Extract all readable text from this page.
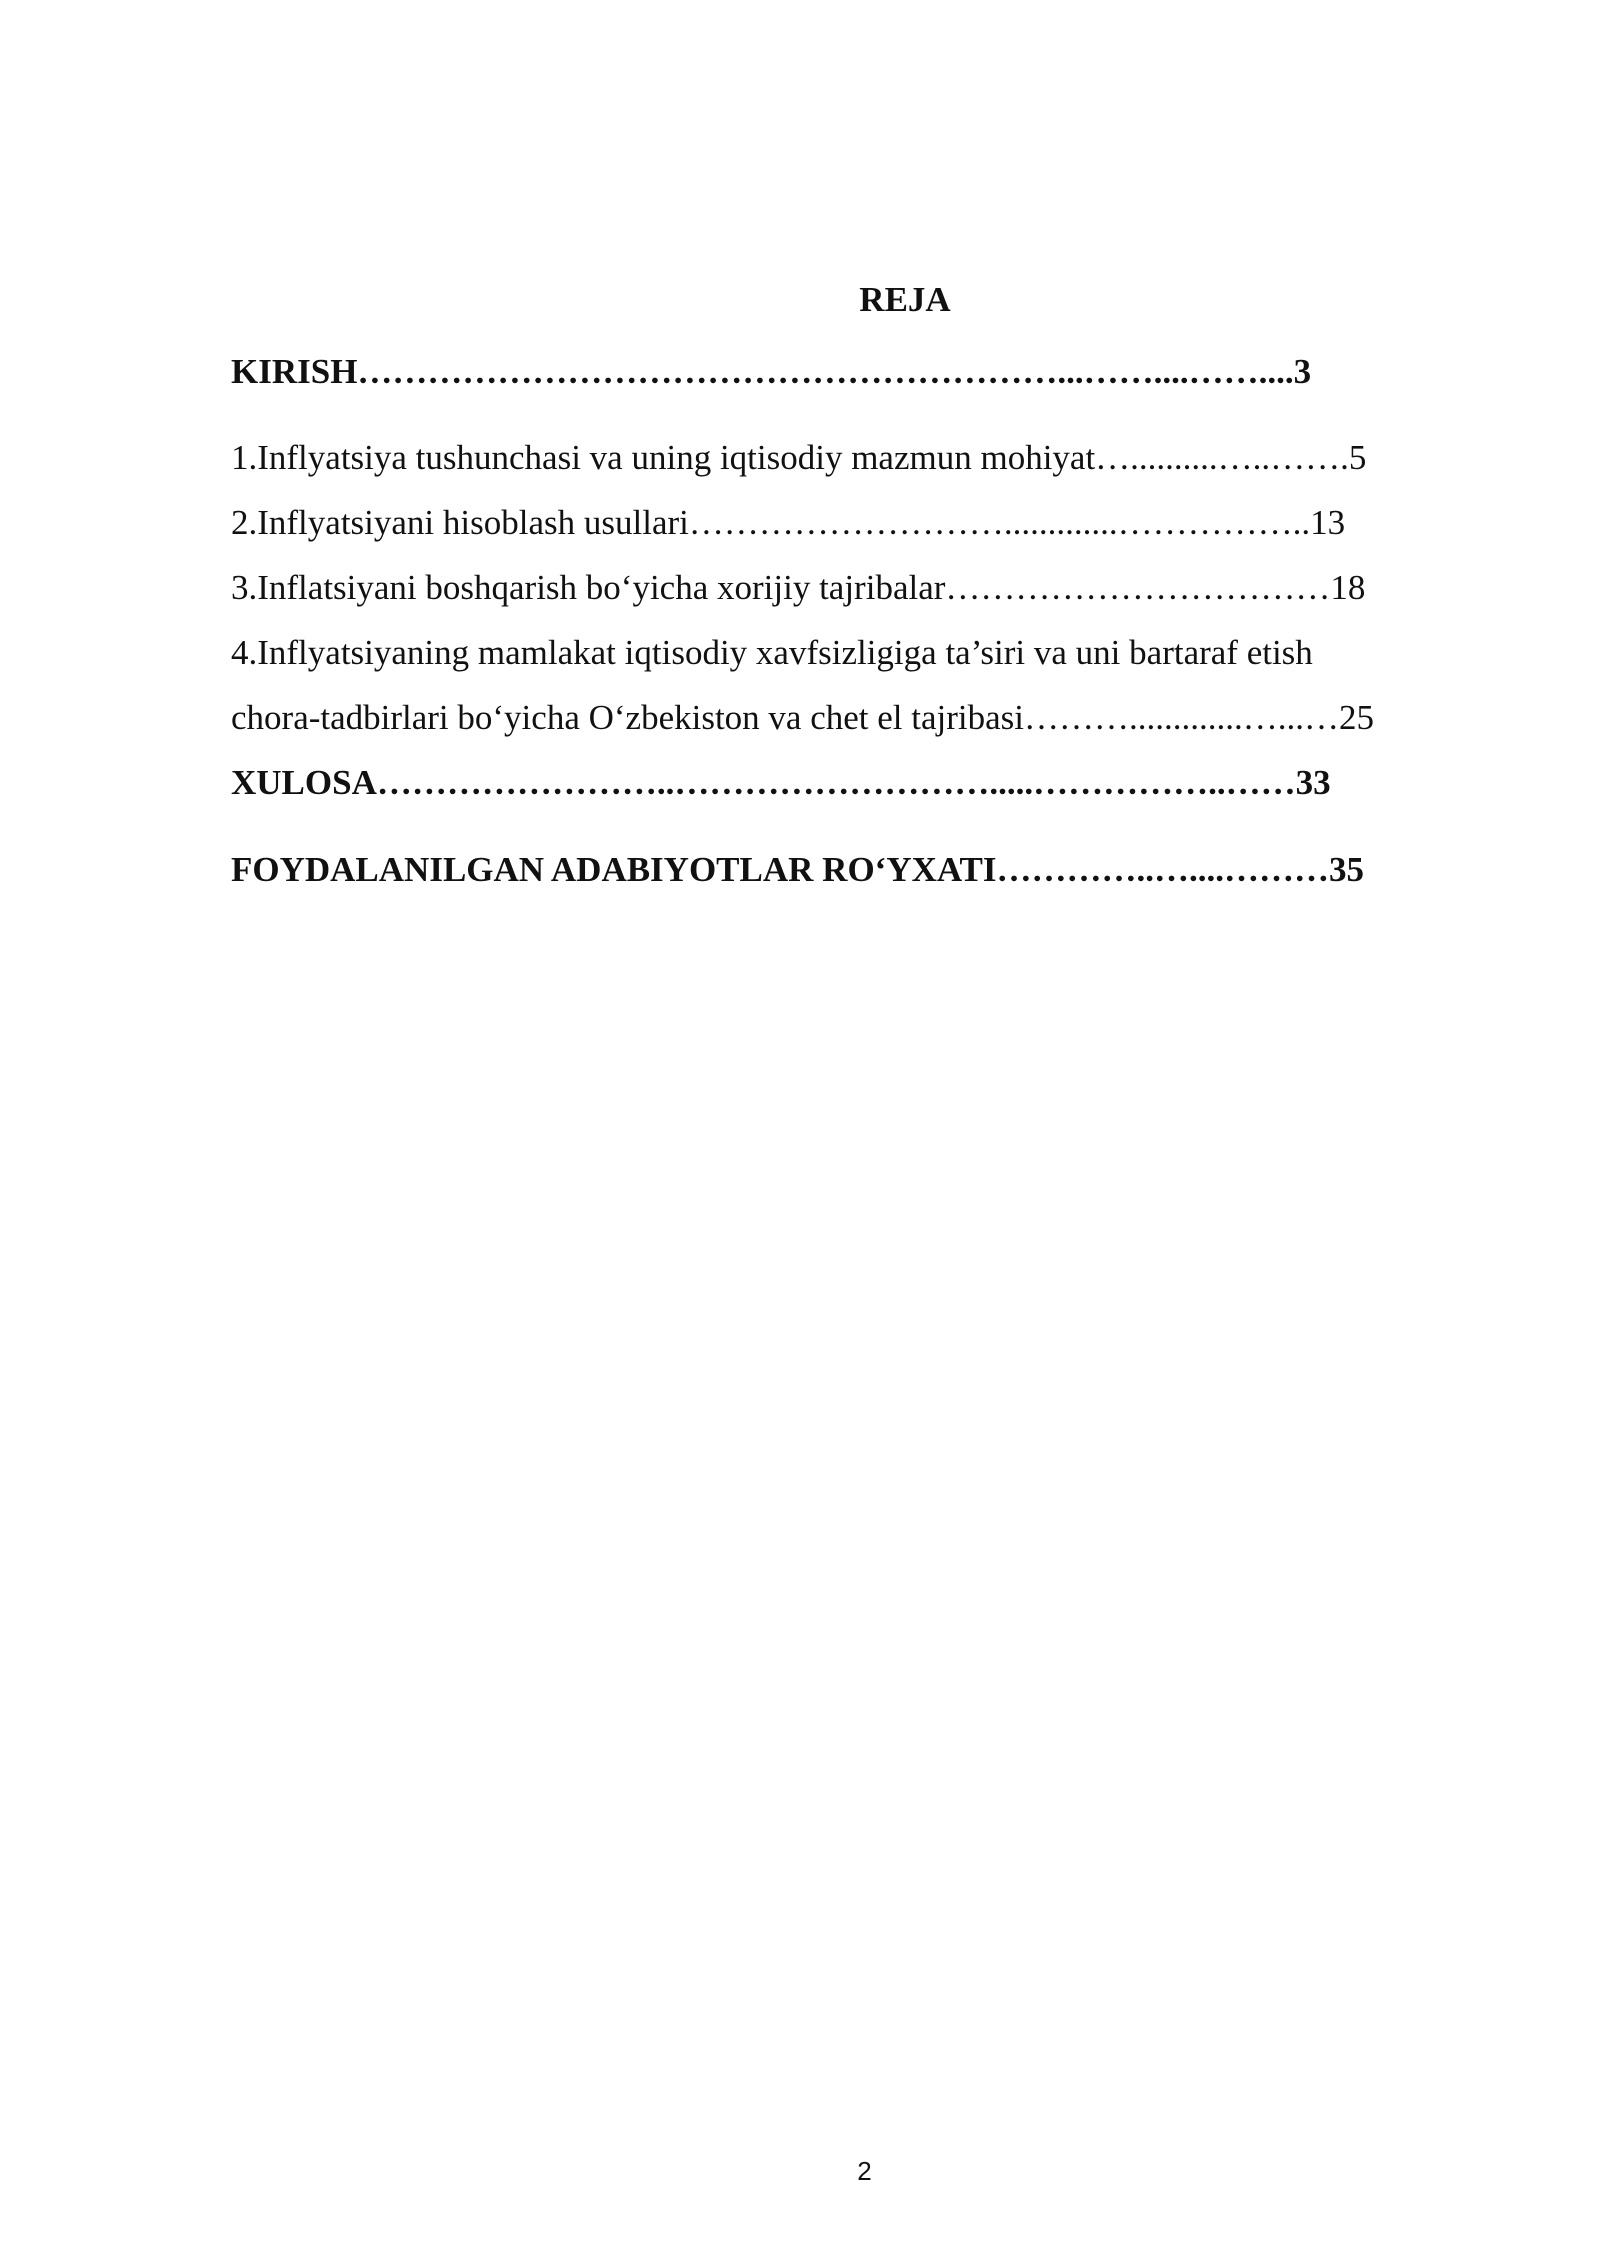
REJA

KIRISH……………………………………………………...……....……....3

1.Inflyatsiya tushunchasi va uning iqtisodiy mazmun mohiyat…..........…..…….5

2.Inflyatsiyani hisoblash usullari……………………….............……………..13

3.Inflatsiyani boshqarish bo‘yicha xorijiy tajribalar……………………………18

4.Inflyatsiyaning mamlakat iqtisodiy xavfsizligiga ta’siri va uni bartaraf etish

chora-tadbirlari bo‘yicha O‘zbekiston va chet el tajribasi……….............…...…25

XULOSA……………………..……………………….....……………..……33

FOYDALANILGAN ADABIYOTLAR RO‘YXATI…………..…....………35

2
